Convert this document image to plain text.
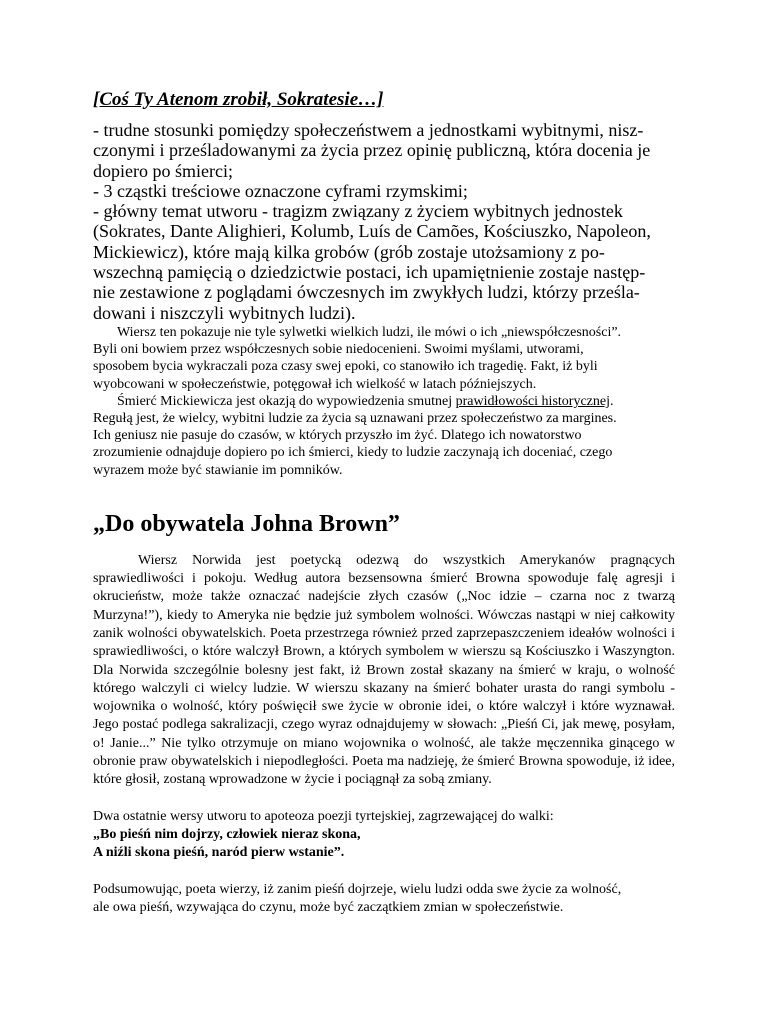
[Coś Ty Atenom zrobił, Sokratesie…]

- trudne stosunki pomiędzy społeczeństwem a jednostkami wybitnymi, nisz-

czonymi i prześladowanymi za życia przez opinię publiczną, która docenia je

dopiero po śmierci;

- 3 cząstki treściowe oznaczone cyframi rzymskimi;

- główny temat utworu - tragizm związany z życiem wybitnych jednostek

(Sokrates, Dante Alighieri, Kolumb, Luís de Camões, Kościuszko, Napoleon,

Mickiewicz), które mają kilka grobów (grób zostaje utożsamiony z po-

wszechną pamięcią o dziedzictwie postaci, ich upamiętnienie zostaje następ-

nie zestawione z poglądami ówczesnych im zwykłych ludzi, którzy prześla-

dowani i niszczyli wybitnych ludzi).

Wiersz ten pokazuje nie tyle sylwetki wielkich ludzi, ile mówi o ich „niewspółczesności”.

Byli oni bowiem przez współczesnych sobie niedocenieni. Swoimi myślami, utworami,

sposobem bycia wykraczali poza czasy swej epoki, co stanowiło ich tragedię. Fakt, iż byli

wyobcowani w społeczeństwie, potęgował ich wielkość w latach późniejszych.

Śmierć Mickiewicza jest okazją do wypowiedzenia smutnej prawidłowości historycznej.

Regułą jest, że wielcy, wybitni ludzie za życia są uznawani przez społeczeństwo za margines.

Ich geniusz nie pasuje do czasów, w których przyszło im żyć. Dlatego ich nowatorstwo

zrozumienie odnajduje dopiero po ich śmierci, kiedy to ludzie zaczynają ich doceniać, czego

wyrazem może być stawianie im pomników.

„Do obywatela Johna Brown”

Wiersz Norwida jest poetycką odezwą do wszystkich Amerykanów pragnących sprawiedliwości i pokoju. Według autora bezsensowna śmierć Browna spowoduje falę agresji i okrucieństw, może także oznaczać nadejście złych czasów („Noc idzie – czarna noc z twarzą Murzyna!”), kiedy to Ameryka nie będzie już symbolem wolności. Wówczas nastąpi w niej całkowity zanik wolności obywatelskich. Poeta przestrzega również przed zaprzepaszczeniem ideałów wolności i sprawiedliwości, o które walczył Brown, a których symbolem w wierszu są Kościuszko i Waszyngton. Dla Norwida szczególnie bolesny jest fakt, iż Brown został skazany na śmierć w kraju, o wolność którego walczyli ci wielcy ludzie. W wierszu skazany na śmierć bohater urasta do rangi symbolu - wojownika o wolność, który poświęcił swe życie w obronie idei, o które walczył i które wyznawał. Jego postać podlega sakralizacji, czego wyraz odnajdujemy w słowach: „Pieśń Ci, jak mewę, posyłam, o! Janie...” Nie tylko otrzymuje on miano wojownika o wolność, ale także męczennika ginącego w obronie praw obywatelskich i niepodległości. Poeta ma nadzieję, że śmierć Browna spowoduje, iż idee, które głosił, zostaną wprowadzone w życie i pociągnął za sobą zmiany.

Dwa ostatnie wersy utworu to apoteoza poezji tyrtejskiej, zagrzewającej do walki:

„Bo pieśń nim dojrzy, człowiek nieraz skona,

A niźli skona pieśń, naród pierw wstanie”.

Podsumowując, poeta wierzy, iż zanim pieśń dojrzeje, wielu ludzi odda swe życie za wolność,

ale owa pieśń, wzywająca do czynu, może być zaczątkiem zmian w społeczeństwie.
